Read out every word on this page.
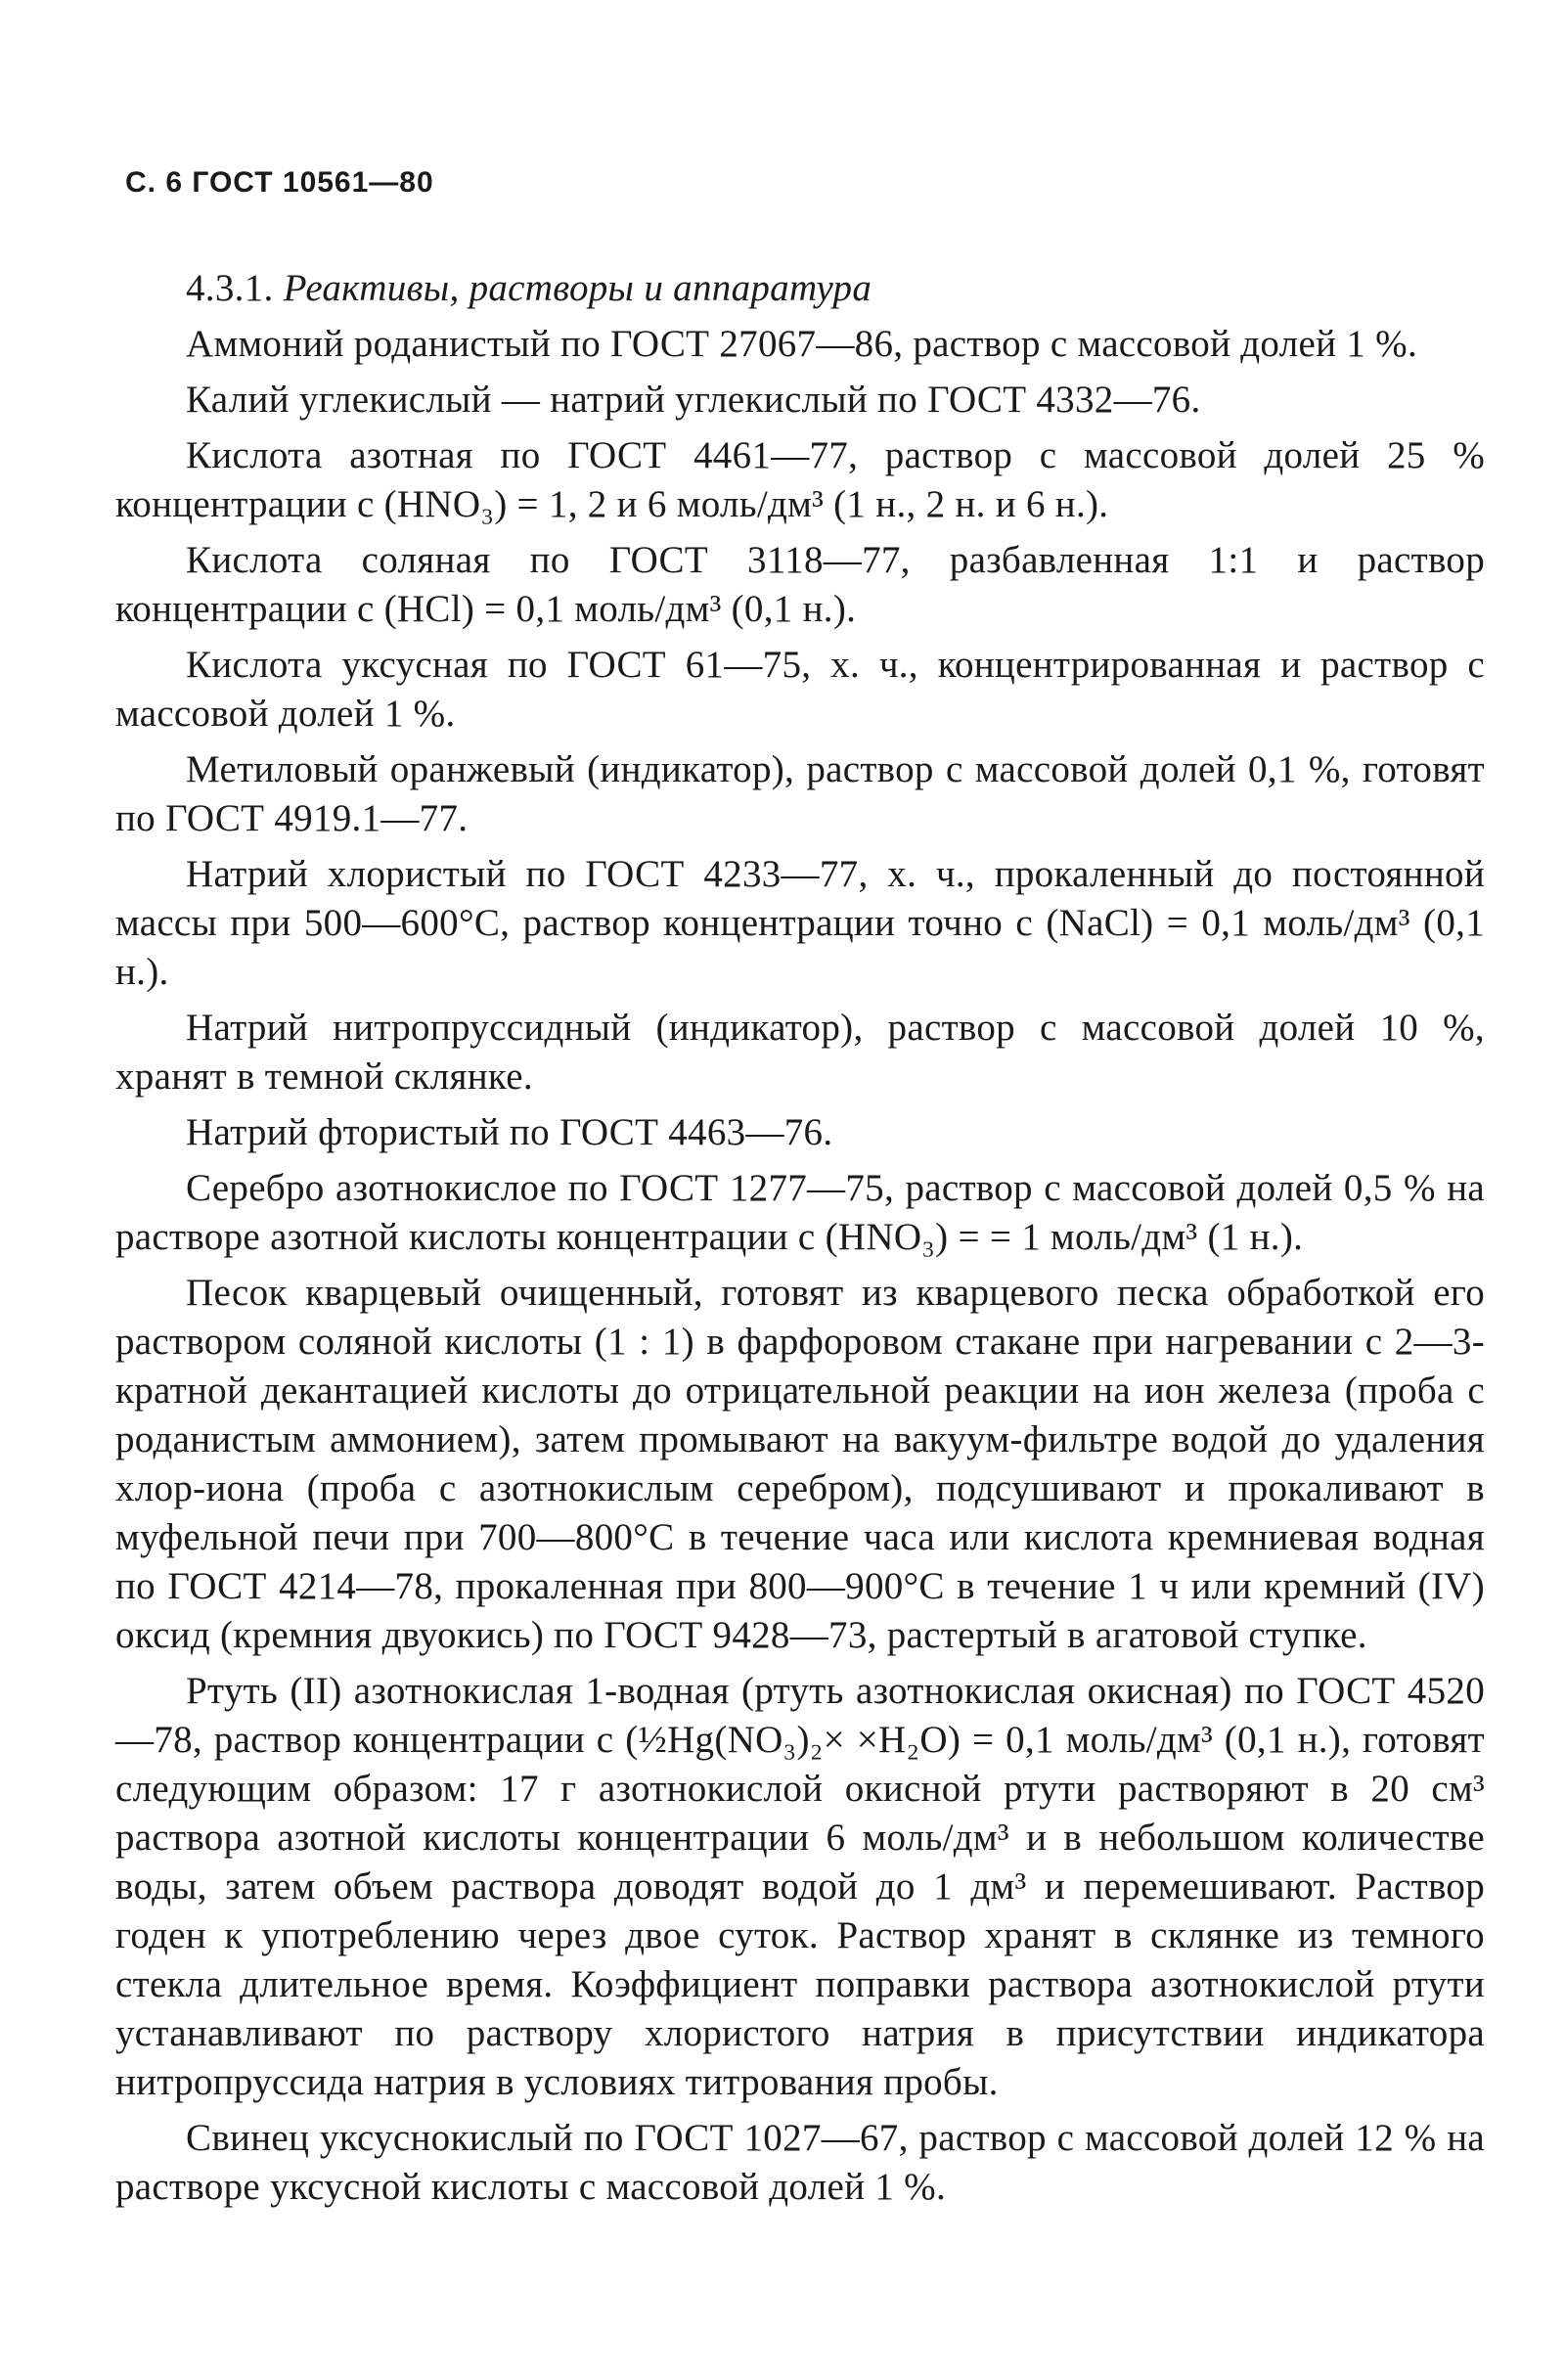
С. 6 ГОСТ 10561—80

4.3.1. Реактивы, растворы и аппаратура

Аммоний роданистый по ГОСТ 27067—86, раствор с массовой долей 1 %.

Калий углекислый — натрий углекислый по ГОСТ 4332—76.

Кислота азотная по ГОСТ 4461—77, раствор с массовой долей 25 % концентрации c (HNO₃) = 1, 2 и 6 моль/дм³ (1 н., 2 н. и 6 н.).

Кислота соляная по ГОСТ 3118—77, разбавленная 1:1 и раствор концентрации c (HCl) = 0,1 моль/дм³ (0,1 н.).

Кислота уксусная по ГОСТ 61—75, х. ч., концентрированная и раствор с массовой долей 1 %.

Метиловый оранжевый (индикатор), раствор с массовой долей 0,1 %, готовят по ГОСТ 4919.1—77.

Натрий хлористый по ГОСТ 4233—77, х. ч., прокаленный до постоянной массы при 500—600°С, раствор концентрации точно c (NaCl) = 0,1 моль/дм³ (0,1 н.).

Натрий нитропруссидный (индикатор), раствор с массовой долей 10 %, хранят в темной склянке.

Натрий фтористый по ГОСТ 4463—76.

Серебро азотнокислое по ГОСТ 1277—75, раствор с массовой долей 0,5 % на растворе азотной кислоты концентрации c (HNO₃) = = 1 моль/дм³ (1 н.).

Песок кварцевый очищенный, готовят из кварцевого песка обработкой его раствором соляной кислоты (1 : 1) в фарфоровом стакане при нагревании с 2—3-кратной декантацией кислоты до отрицательной реакции на ион железа (проба с роданистым аммонием), затем промывают на вакуум-фильтре водой до удаления хлор-иона (проба с азотнокислым серебром), подсушивают и прокаливают в муфельной печи при 700—800°С в течение часа или кислота кремниевая водная по ГОСТ 4214—78, прокаленная при 800—900°С в течение 1 ч или кремний (IV) оксид (кремния двуокись) по ГОСТ 9428—73, растертый в агатовой ступке.

Ртуть (II) азотнокислая 1-водная (ртуть азотнокислая окисная) по ГОСТ 4520—78, раствор концентрации c (½Hg(NO₃)₂× ×H₂O) = 0,1 моль/дм³ (0,1 н.), готовят следующим образом: 17 г азотнокислой окисной ртути растворяют в 20 см³ раствора азотной кислоты концентрации 6 моль/дм³ и в небольшом количестве воды, затем объем раствора доводят водой до 1 дм³ и перемешивают. Раствор годен к употреблению через двое суток. Раствор хранят в склянке из темного стекла длительное время. Коэффициент поправки раствора азотнокислой ртути устанавливают по раствору хлористого натрия в присутствии индикатора нитропруссида натрия в условиях титрования пробы.

Свинец уксуснокислый по ГОСТ 1027—67, раствор с массовой долей 12 % на растворе уксусной кислоты с массовой долей 1 %.
